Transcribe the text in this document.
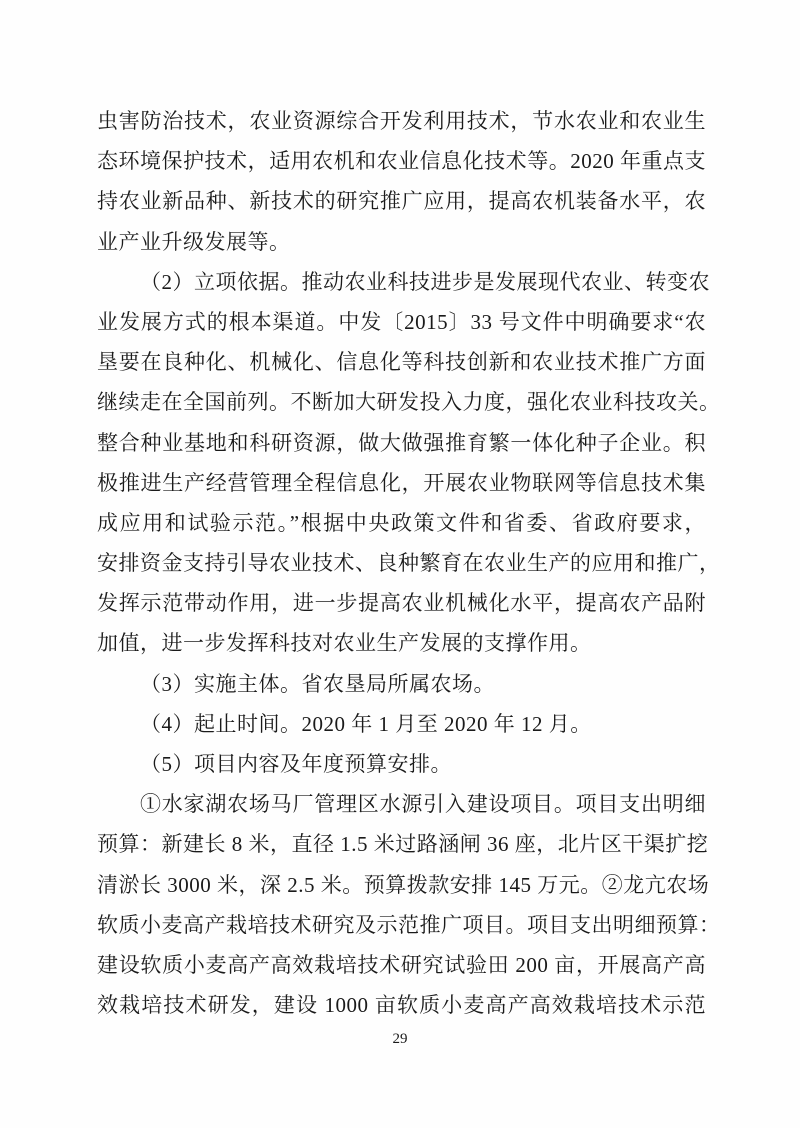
虫害防治技术，农业资源综合开发利用技术，节水农业和农业生
态环境保护技术，适用农机和农业信息化技术等。2020 年重点支
持农业新品种、新技术的研究推广应用，提高农机装备水平，农
业产业升级发展等。
（2）立项依据。推动农业科技进步是发展现代农业、转变农
业发展方式的根本渠道。中发〔2015〕33 号文件中明确要求“农
垦要在良种化、机械化、信息化等科技创新和农业技术推广方面
继续走在全国前列。不断加大研发投入力度，强化农业科技攻关。
整合种业基地和科研资源，做大做强推育繁一体化种子企业。积
极推进生产经营管理全程信息化，开展农业物联网等信息技术集
成应用和试验示范。”根据中央政策文件和省委、省政府要求，
安排资金支持引导农业技术、良种繁育在农业生产的应用和推广，
发挥示范带动作用，进一步提高农业机械化水平，提高农产品附
加值，进一步发挥科技对农业生产发展的支撑作用。
（3）实施主体。省农垦局所属农场。
（4）起止时间。2020 年 1 月至 2020 年 12 月。
（5）项目内容及年度预算安排。
①水家湖农场马厂管理区水源引入建设项目。项目支出明细
预算：新建长 8 米，直径 1.5 米过路涵闸 36 座，北片区干渠扩挖
清淤长 3000 米，深 2.5 米。预算拨款安排 145 万元。②龙亢农场
软质小麦高产栽培技术研究及示范推广项目。项目支出明细预算：
建设软质小麦高产高效栽培技术研究试验田 200 亩，开展高产高
效栽培技术研发，建设 1000 亩软质小麦高产高效栽培技术示范
29
